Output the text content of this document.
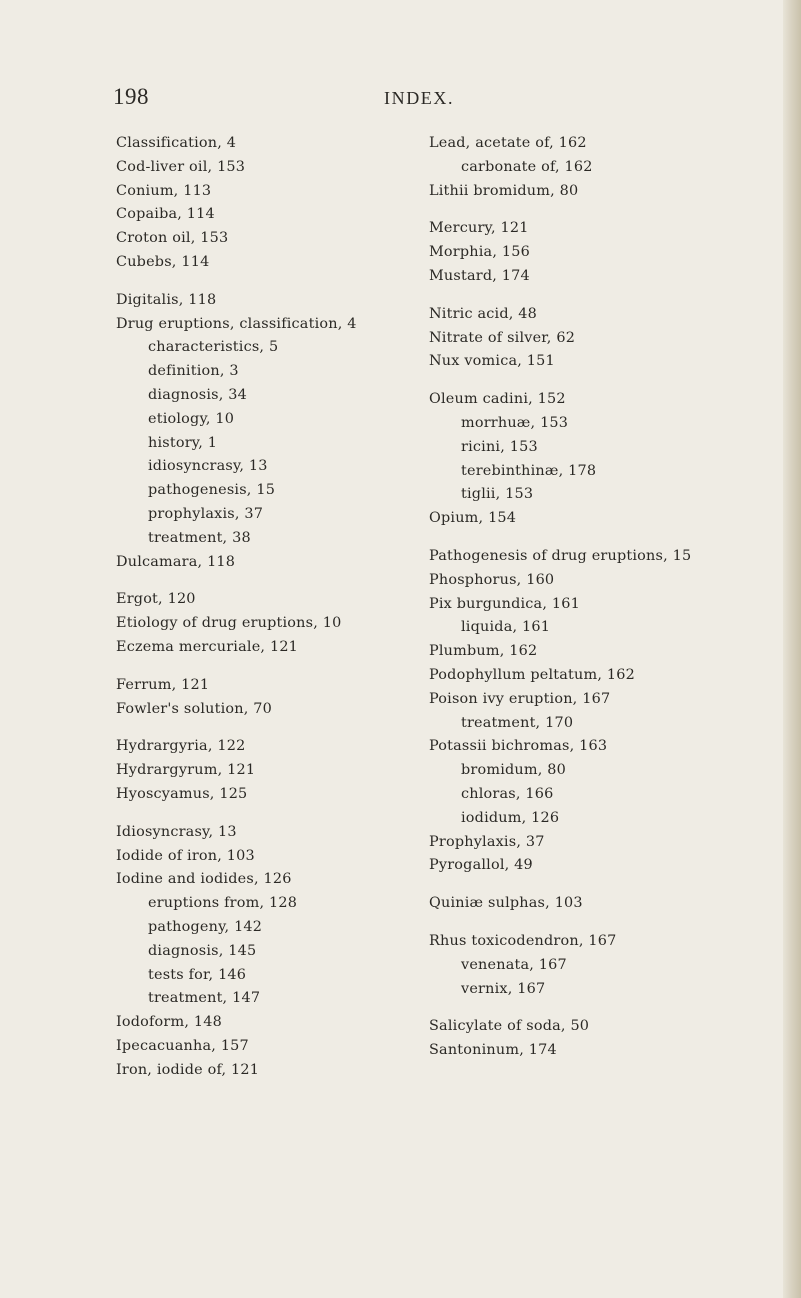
198	INDEX.
Classification, 4
Cod-liver oil, 153
Conium, 113
Copaiba, 114
Croton oil, 153
Cubebs, 114
Digitalis, 118
Drug eruptions, classification, 4
characteristics, 5
definition, 3
diagnosis, 34
etiology, 10
history, 1
idiosyncrasy, 13
pathogenesis, 15
prophylaxis, 37
treatment, 38
Dulcamara, 118
Ergot, 120
Etiology of drug eruptions, 10
Eczema mercuriale, 121
Ferrum, 121
Fowler's solution, 70
Hydrargyria, 122
Hydrargyrum, 121
Hyoscyamus, 125
Idiosyncrasy, 13
Iodide of iron, 103
Iodine and iodides, 126
eruptions from, 128
pathogeny, 142
diagnosis, 145
tests for, 146
treatment, 147
Iodoform, 148
Ipecacuanha, 157
Iron, iodide of, 121
Lead, acetate of, 162
carbonate of, 162
Lithii bromidum, 80
Mercury, 121
Morphia, 156
Mustard, 174
Nitric acid, 48
Nitrate of silver, 62
Nux vomica, 151
Oleum cadini, 152
morrhuæ, 153
ricini, 153
terebinthinæ, 178
tiglii, 153
Opium, 154
Pathogenesis of drug eruptions, 15
Phosphorus, 160
Pix burgundica, 161
liquida, 161
Plumbum, 162
Podophyllum peltatum, 162
Poison ivy eruption, 167
treatment, 170
Potassii bichromas, 163
bromidum, 80
chloras, 166
iodidum, 126
Prophylaxis, 37
Pyrogallol, 49
Quiniæ sulphas, 103
Rhus toxicodendron, 167
venenata, 167
vernix, 167
Salicylate of soda, 50
Santoninum, 174
